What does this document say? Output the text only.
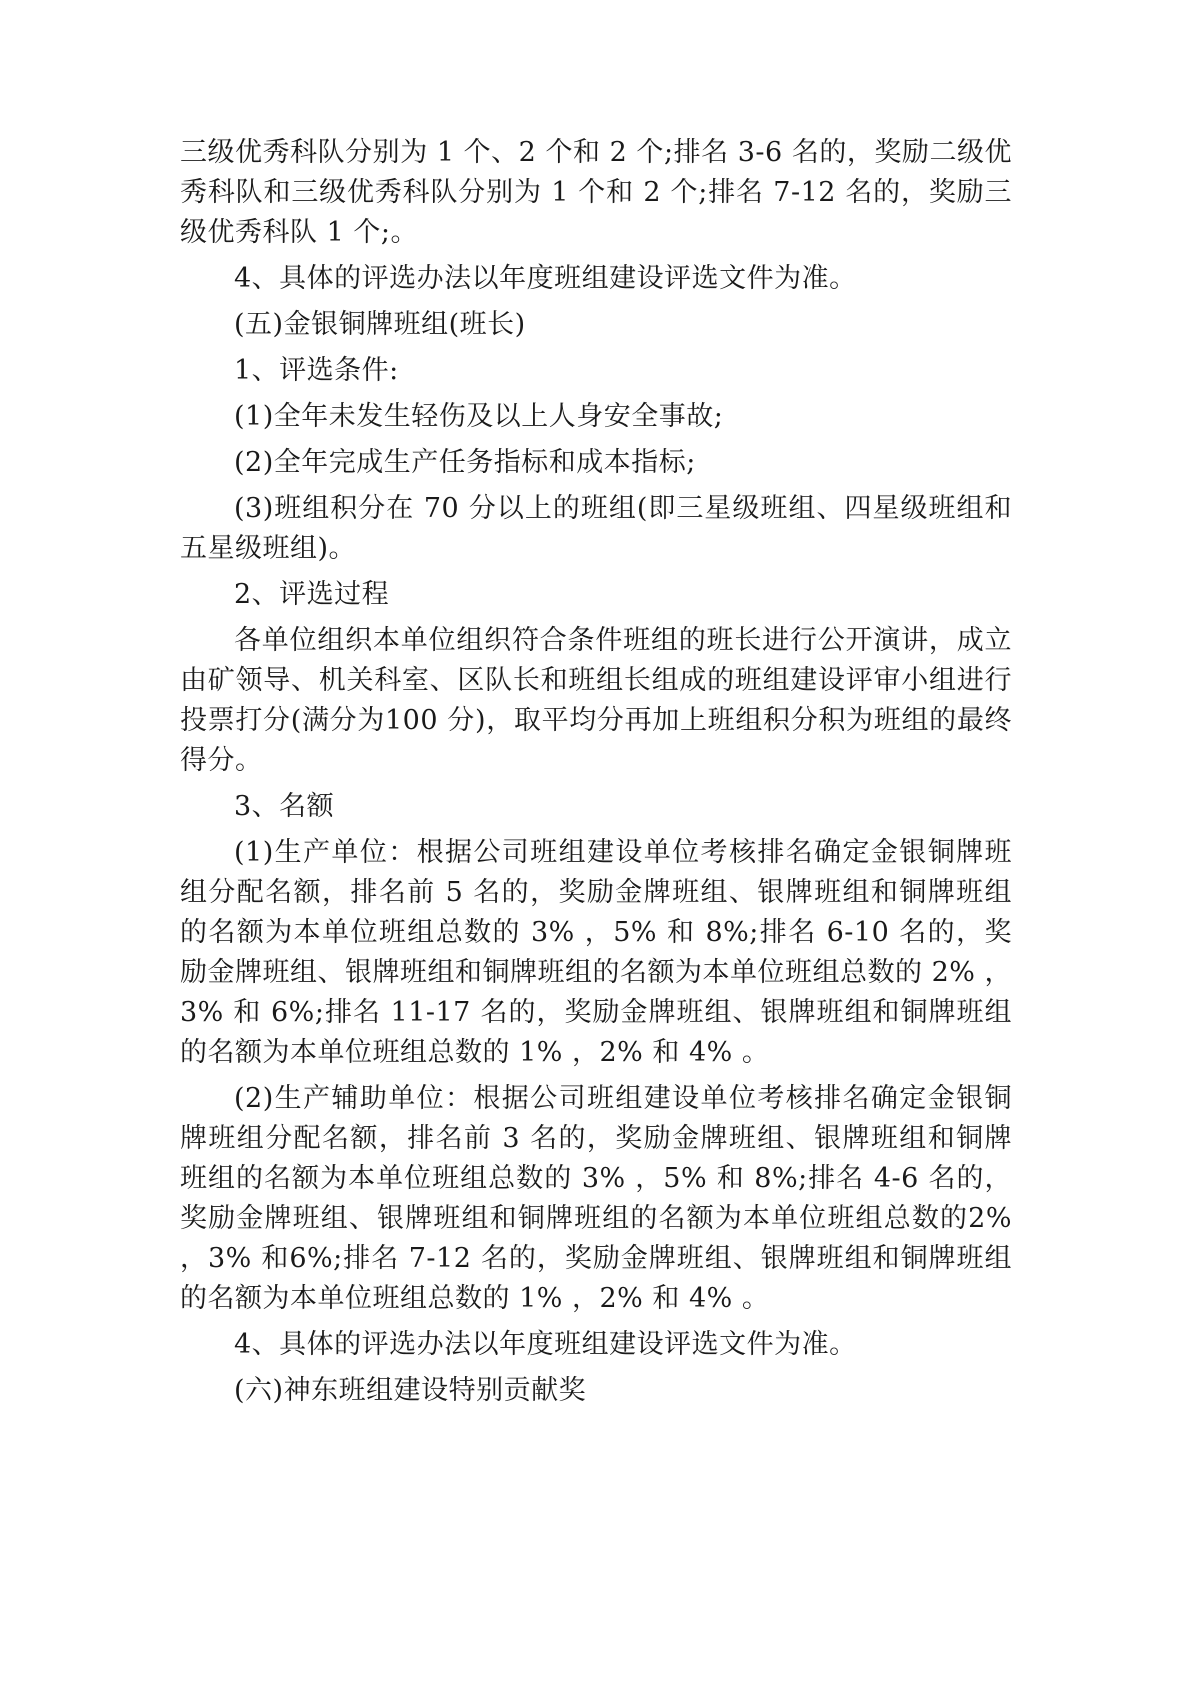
三级优秀科队分别为 1 个、2 个和 2 个;排名 3-6 名的，奖励二级优秀科队和三级优秀科队分别为 1 个和 2 个;排名 7-12 名的，奖励三级优秀科队 1 个;。

4、具体的评选办法以年度班组建设评选文件为准。

(五)金银铜牌班组(班长)

1、评选条件:

(1)全年未发生轻伤及以上人身安全事故;

(2)全年完成生产任务指标和成本指标;

(3)班组积分在 70 分以上的班组(即三星级班组、四星级班组和五星级班组)。

2、评选过程

各单位组织本单位组织符合条件班组的班长进行公开演讲，成立由矿领导、机关科室、区队长和班组长组成的班组建设评审小组进行投票打分(满分为100 分)，取平均分再加上班组积分积为班组的最终得分。

3、名额

(1)生产单位：根据公司班组建设单位考核排名确定金银铜牌班组分配名额，排名前 5 名的，奖励金牌班组、银牌班组和铜牌班组的名额为本单位班组总数的 3% ，5% 和 8%;排名 6-10 名的，奖励金牌班组、银牌班组和铜牌班组的名额为本单位班组总数的 2% ，3% 和 6%;排名 11-17 名的，奖励金牌班组、银牌班组和铜牌班组的名额为本单位班组总数的 1% ，2% 和 4% 。

(2)生产辅助单位：根据公司班组建设单位考核排名确定金银铜牌班组分配名额，排名前 3 名的，奖励金牌班组、银牌班组和铜牌班组的名额为本单位班组总数的 3% ，5% 和 8%;排名 4-6 名的，奖励金牌班组、银牌班组和铜牌班组的名额为本单位班组总数的2% ，3% 和6%;排名 7-12 名的，奖励金牌班组、银牌班组和铜牌班组的名额为本单位班组总数的 1% ，2% 和 4% 。

4、具体的评选办法以年度班组建设评选文件为准。

(六)神东班组建设特别贡献奖
